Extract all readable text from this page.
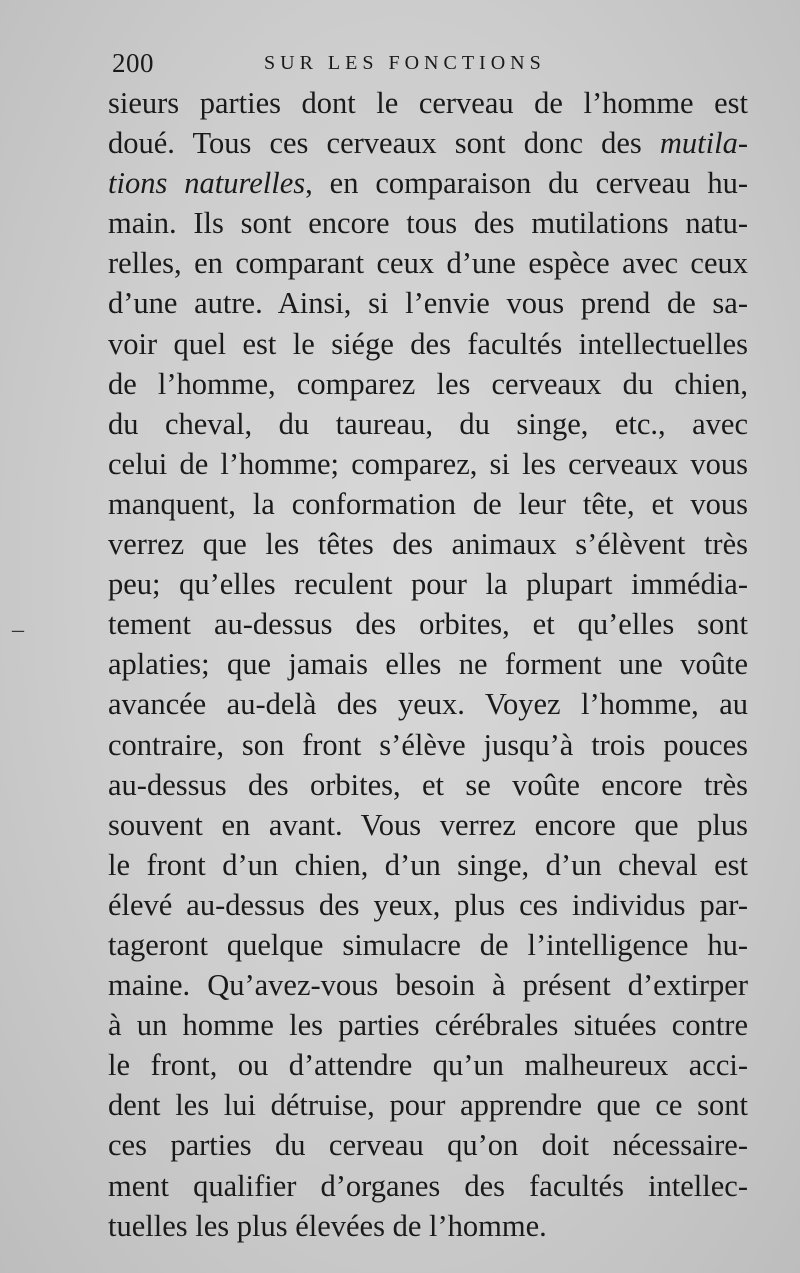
200	SUR LES FONCTIONS
–
sieurs parties dont le cerveau de l’homme est
doué. Tous ces cerveaux sont donc des mutila-
tions naturelles, en comparaison du cerveau hu-
main. Ils sont encore tous des mutilations natu-
relles, en comparant ceux d’une espèce avec ceux
d’une autre. Ainsi, si l’envie vous prend de sa-
voir quel est le siége des facultés intellectuelles
de l’homme, comparez les cerveaux du chien,
du cheval, du taureau, du singe, etc., avec
celui de l’homme; comparez, si les cerveaux vous
manquent, la conformation de leur tête, et vous
verrez que les têtes des animaux s’élèvent très
peu; qu’elles reculent pour la plupart immédia-
tement au-dessus des orbites, et qu’elles sont
aplaties; que jamais elles ne forment une voûte
avancée au-delà des yeux. Voyez l’homme, au
contraire, son front s’élève jusqu’à trois pouces
au-dessus des orbites, et se voûte encore très
souvent en avant. Vous verrez encore que plus
le front d’un chien, d’un singe, d’un cheval est
élevé au-dessus des yeux, plus ces individus par-
tageront quelque simulacre de l’intelligence hu-
maine. Qu’avez-vous besoin à présent d’extirper
à un homme les parties cérébrales situées contre
le front, ou d’attendre qu’un malheureux acci-
dent les lui détruise, pour apprendre que ce sont
ces parties du cerveau qu’on doit nécessaire-
ment qualifier d’organes des facultés intellec-
tuelles les plus élevées de l’homme.
